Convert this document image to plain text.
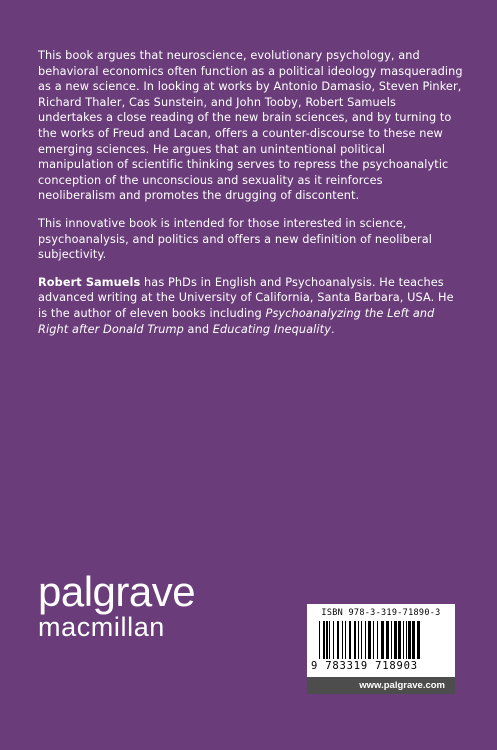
This book argues that neuroscience, evolutionary psychology, and behavioral economics often function as a political ideology masquerading as a new science. In looking at works by Antonio Damasio, Steven Pinker, Richard Thaler, Cas Sunstein, and John Tooby, Robert Samuels undertakes a close reading of the new brain sciences, and by turning to the works of Freud and Lacan, offers a counter-discourse to these new emerging sciences. He argues that an unintentional political manipulation of scientific thinking serves to repress the psychoanalytic conception of the unconscious and sexuality as it reinforces neoliberalism and promotes the drugging of discontent.

This innovative book is intended for those interested in science, psychoanalysis, and politics and offers a new definition of neoliberal subjectivity.

Robert Samuels has PhDs in English and Psychoanalysis. He teaches advanced writing at the University of California, Santa Barbara, USA. He is the author of eleven books including Psychoanalyzing the Left and Right after Donald Trump and Educating Inequality.

palgrave
macmillan	ISBN 978-3-319-71890-3
9 783319 718903
www.palgrave.com
